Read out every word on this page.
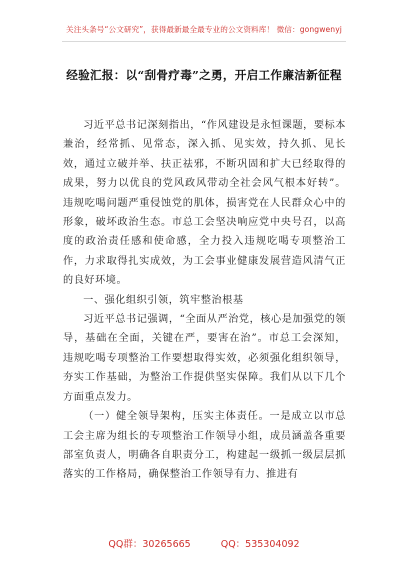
关注头条号“公文研究”，获得最新最全最专业的公文资料库！ 微信：gongwenyj
经验汇报：以“刮骨疗毒”之勇，开启工作廉洁新征程

习近平总书记深刻指出，“作风建设是永恒课题，要标本兼治，经常抓、见常态，深入抓、见实效，持久抓、见长效，通过立破并举、扶正祛邪，不断巩固和扩大已经取得的成果，努力以优良的党风政风带动全社会风气根本好转”。违规吃喝问题严重侵蚀党的肌体，损害党在人民群众心中的形象，破坏政治生态。市总工会坚决响应党中央号召，以高度的政治责任感和使命感，全力投入违规吃喝专项整治工作，力求取得扎实成效，为工会事业健康发展营造风清气正的良好环境。

一、强化组织引领，筑牢整治根基

习近平总书记强调，“全面从严治党，核心是加强党的领导，基础在全面，关键在严，要害在治”。市总工会深知，违规吃喝专项整治工作要想取得实效，必须强化组织领导，夯实工作基础，为整治工作提供坚实保障。我们从以下几个方面重点发力。

（一）健全领导架构，压实主体责任。一是成立以市总工会主席为组长的专项整治工作领导小组，成员涵盖各重要部室负责人，明确各自职责分工，构建起一级抓一级层层抓落实的工作格局，确保整治工作领导有力、推进有

QQ群：30265665	QQ：535304092
